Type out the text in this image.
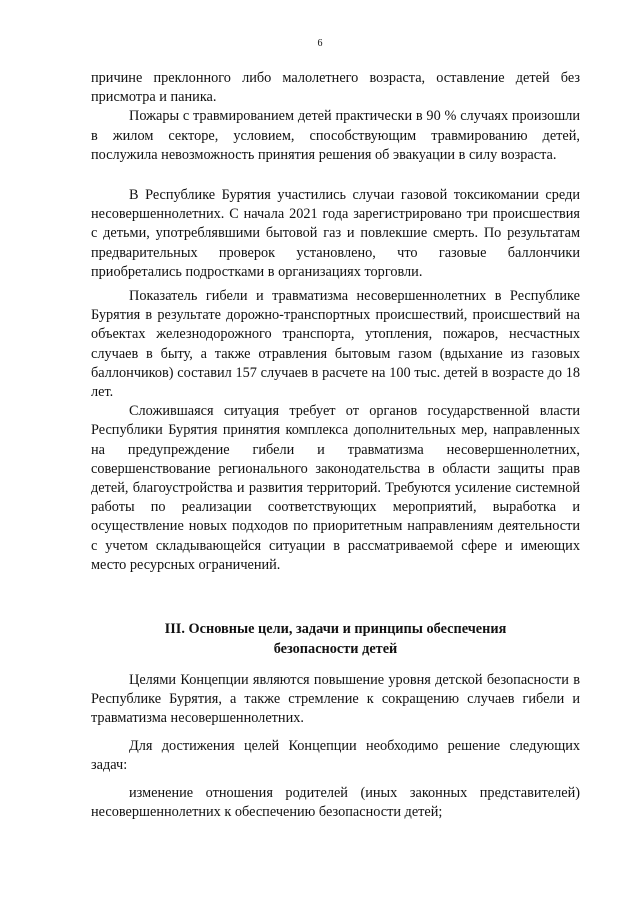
6

причине преклонного либо малолетнего возраста, оставление детей без присмотра и паника.

Пожары с травмированием детей практически в 90 % случаях произошли в жилом секторе, условием, способствующим травмированию детей, послужила невозможность принятия решения об эвакуации в силу возраста.

В Республике Бурятия участились случаи газовой токсикомании среди несовершеннолетних. С начала 2021 года зарегистрировано три происшествия с детьми, употреблявшими бытовой газ и повлекшие смерть. По результатам предварительных проверок установлено, что газовые баллончики приобретались подростками в организациях торговли.

Показатель гибели и травматизма несовершеннолетних в Республике Бурятия в результате дорожно-транспортных происшествий, происшествий на объектах железнодорожного транспорта, утопления, пожаров, несчастных случаев в быту, а также отравления бытовым газом (вдыхание из газовых баллончиков) составил 157 случаев в расчете на 100 тыс. детей в возрасте до 18 лет.

Сложившаяся ситуация требует от органов государственной власти Республики Бурятия принятия комплекса дополнительных мер, направленных на предупреждение гибели и травматизма несовершеннолетних, совершенствование регионального законодательства в области защиты прав детей, благоустройства и развития территорий. Требуются усиление системной работы по реализации соответствующих мероприятий, выработка и осуществление новых подходов по приоритетным направлениям деятельности с учетом складывающейся ситуации в рассматриваемой сфере и имеющих место ресурсных ограничений.

III. Основные цели, задачи и принципы обеспечения
безопасности детей

Целями Концепции являются повышение уровня детской безопасности в Республике Бурятия, а также стремление к сокращению случаев гибели и травматизма несовершеннолетних.

Для достижения целей Концепции необходимо решение следующих задач:

изменение отношения родителей (иных законных представителей) несовершеннолетних к обеспечению безопасности детей;
